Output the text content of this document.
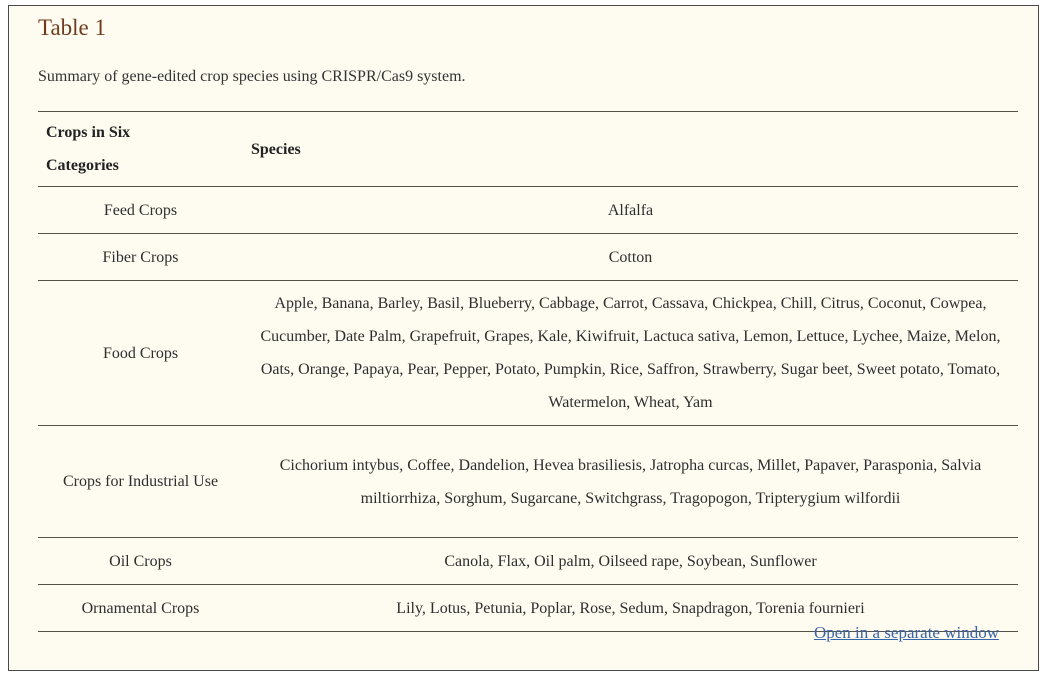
Table 1

Summary of gene-edited crop species using CRISPR/Cas9 system.

Crops in Six Categories	Species
Feed Crops	Alfalfa
Fiber Crops	Cotton
Food Crops	Apple, Banana, Barley, Basil, Blueberry, Cabbage, Carrot, Cassava, Chickpea, Chill, Citrus, Coconut, Cowpea, Cucumber, Date Palm, Grapefruit, Grapes, Kale, Kiwifruit, Lactuca sativa, Lemon, Lettuce, Lychee, Maize, Melon, Oats, Orange, Papaya, Pear, Pepper, Potato, Pumpkin, Rice, Saffron, Strawberry, Sugar beet, Sweet potato, Tomato, Watermelon, Wheat, Yam
Crops for Industrial Use	Cichorium intybus, Coffee, Dandelion, Hevea brasiliesis, Jatropha curcas, Millet, Papaver, Parasponia, Salvia miltiorrhiza, Sorghum, Sugarcane, Switchgrass, Tragopogon, Tripterygium wilfordii
Oil Crops	Canola, Flax, Oil palm, Oilseed rape, Soybean, Sunflower
Ornamental Crops	Lily, Lotus, Petunia, Poplar, Rose, Sedum, Snapdragon, Torenia fournieri
Open in a separate window
